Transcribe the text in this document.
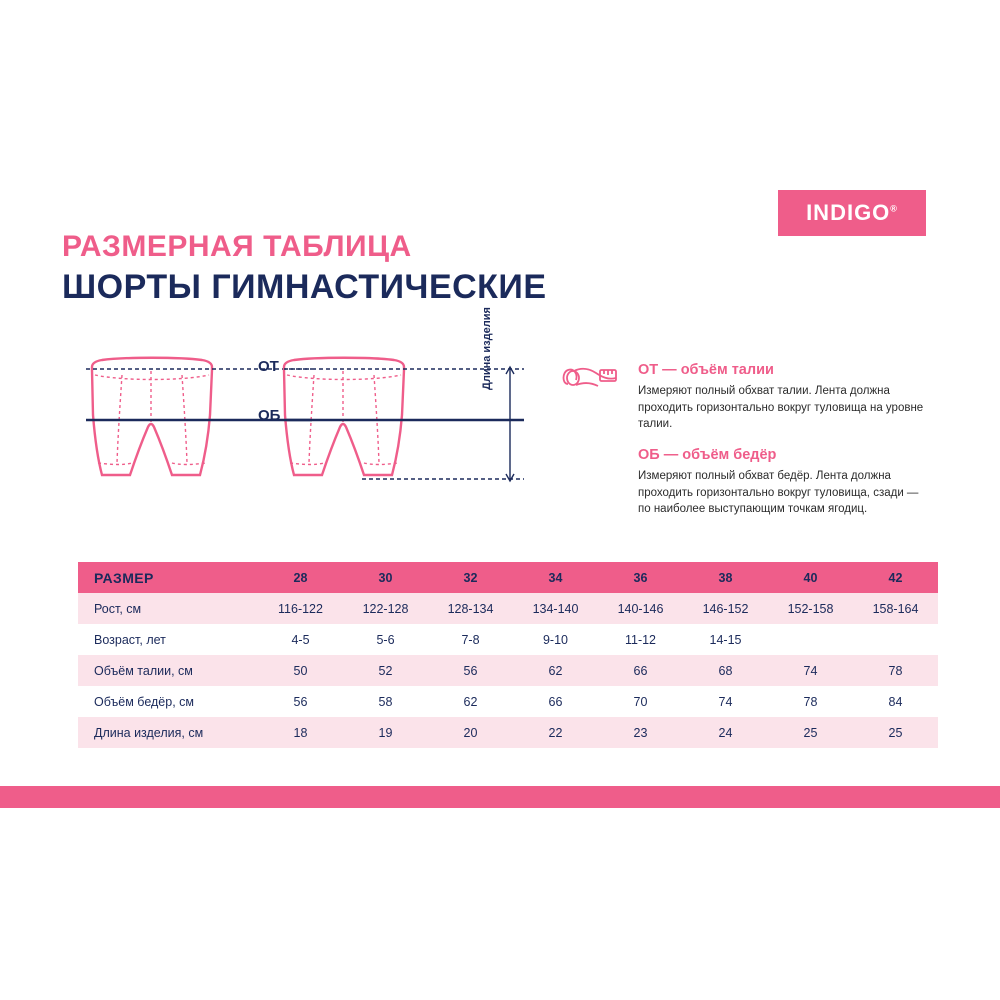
INDIGO®
РАЗМЕРНАЯ ТАБЛИЦА
ШОРТЫ ГИМНАСТИЧЕСКИЕ
ОТ
ОБ
Длина изделия	ОТ — объём талии
Измеряют полный обхват талии. Лента должна проходить горизонтально вокруг туловища на уровне талии.
ОБ — объём бедёр
Измеряют полный обхват бедёр. Лента должна проходить горизонтально вокруг туловища, сзади — по наиболее выступающим точкам ягодиц.
РАЗМЕР	28	30	32	34	36	38	40	42
Рост, см	116-122	122-128	128-134	134-140	140-146	146-152	152-158	158-164
Возраст, лет	4-5	5-6	7-8	9-10	11-12	14-15		
Объём талии, см	50	52	56	62	66	68	74	78
Объём бедёр, см	56	58	62	66	70	74	78	84
Длина изделия, см	18	19	20	22	23	24	25	25
